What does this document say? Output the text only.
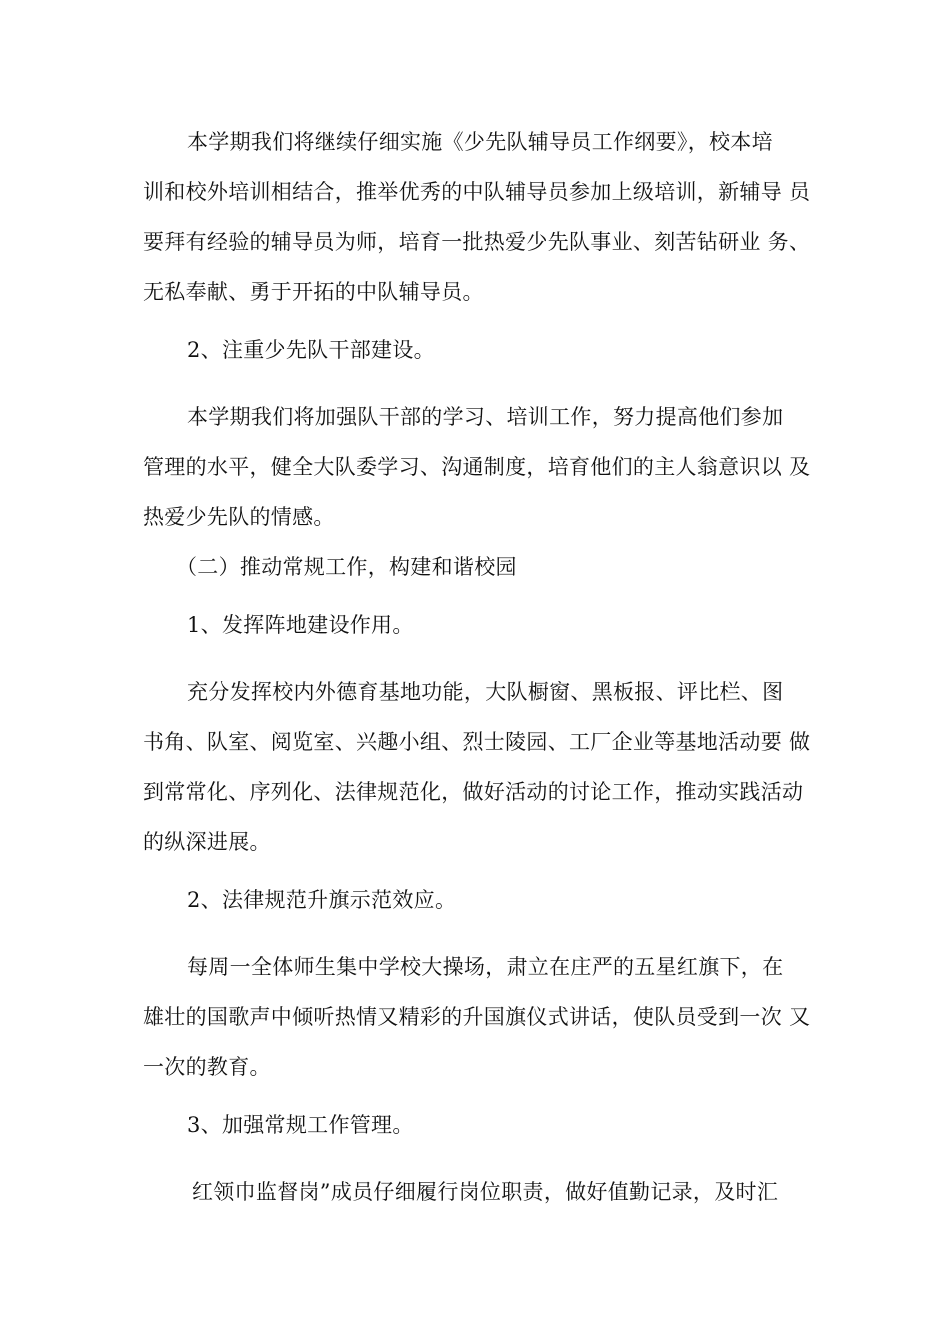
本学期我们将继续仔细实施《少先队辅导员工作纲要》，校本培
训和校外培训相结合，推举优秀的中队辅导员参加上级培训，新辅导 员
要拜有经验的辅导员为师，培育一批热爱少先队事业、刻苦钻研业 务、
无私奉献、勇于开拓的中队辅导员。
2、注重少先队干部建设。
本学期我们将加强队干部的学习、培训工作，努力提高他们参加
管理的水平，健全大队委学习、沟通制度，培育他们的主人翁意识以 及
热爱少先队的情感。
（二）推动常规工作，构建和谐校园
1、发挥阵地建设作用。
充分发挥校内外德育基地功能，大队橱窗、黑板报、评比栏、图
书角、队室、阅览室、兴趣小组、烈士陵园、工厂企业等基地活动要 做
到常常化、序列化、法律规范化，做好活动的讨论工作，推动实践活动
的纵深进展。
2、法律规范升旗示范效应。
每周一全体师生集中学校大操场，肃立在庄严的五星红旗下，在
雄壮的国歌声中倾听热情又精彩的升国旗仪式讲话，使队员受到一次 又
一次的教育。
3、加强常规工作管理。
红领巾监督岗”成员仔细履行岗位职责，做好值勤记录，及时汇
